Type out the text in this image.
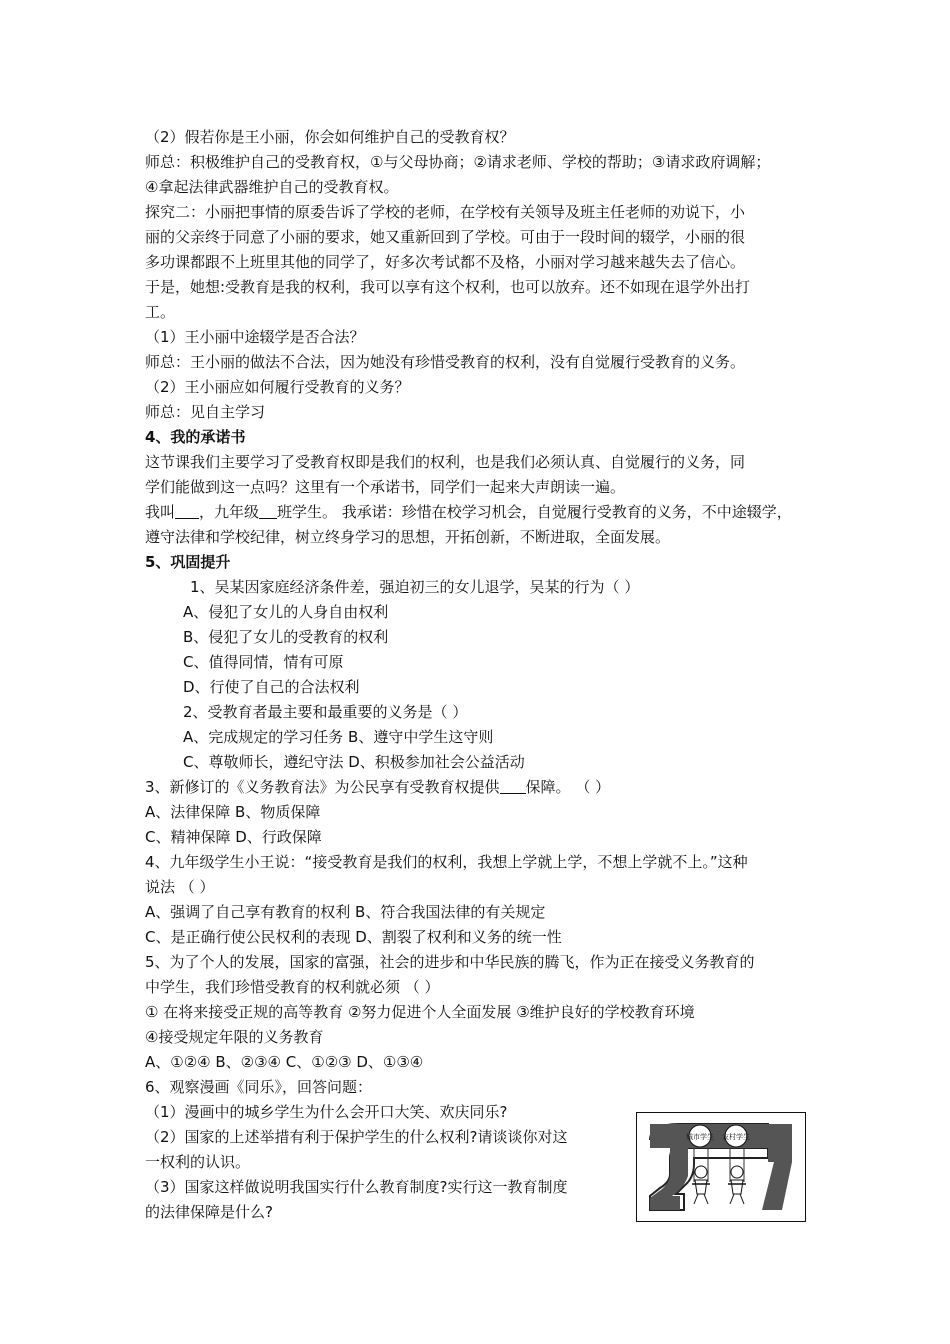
（2）假若你是王小丽，你会如何维护自己的受教育权？
师总：积极维护自己的受教育权，①与父母协商；②请求老师、学校的帮助；③请求政府调解；
④拿起法律武器维护自己的受教育权。
探究二：小丽把事情的原委告诉了学校的老师，在学校有关领导及班主任老师的劝说下，小
丽的父亲终于同意了小丽的要求，她又重新回到了学校。可由于一段时间的辍学，小丽的很
多功课都跟不上班里其他的同学了，好多次考试都不及格，小丽对学习越来越失去了信心。
于是，她想:受教育是我的权利，我可以享有这个权利，也可以放弃。还不如现在退学外出打
工。
（1）王小丽中途辍学是否合法？
师总：王小丽的做法不合法，因为她没有珍惜受教育的权利，没有自觉履行受教育的义务。
（2）王小丽应如何履行受教育的义务？
师总：见自主学习
4、我的承诺书
这节课我们主要学习了受教育权即是我们的权利，也是我们必须认真、自觉履行的义务，同
学们能做到这一点吗？这里有一个承诺书，同学们一起来大声朗读一遍。
我叫 ，九年级 班学生。 我承诺：珍惜在校学习机会，自觉履行受教育的义务，不中途辍学，
遵守法律和学校纪律，树立终身学习的思想，开拓创新，不断进取，全面发展。
5、巩固提升
1、吴某因家庭经济条件差，强迫初三的女儿退学，吴某的行为（ ）
A、侵犯了女儿的人身自由权利
B、侵犯了女儿的受教育的权利
C、值得同情，情有可原
D、行使了自己的合法权利
2、受教育者最主要和最重要的义务是（ ）
A、完成规定的学习任务 B、遵守中学生这守则
C、尊敬师长，遵纪守法 D、积极参加社会公益活动
3、新修订的《义务教育法》为公民享有受教育权提供 保障。 （ ）
A、法律保障 B、物质保障
C、精神保障 D、行政保障
4、九年级学生小王说：“接受教育是我们的权利，我想上学就上学，不想上学就不上。”这种
说法 （ ）
A、强调了自己享有教育的权利 B、符合我国法律的有关规定
C、是正确行使公民权利的表现 D、割裂了权利和义务的统一性
5、为了个人的发展，国家的富强，社会的进步和中华民族的腾飞，作为正在接受义务教育的
中学生，我们珍惜受教育的权利就必须 （ ）
① 在将来接受正规的高等教育 ②努力促进个人全面发展 ③维护良好的学校教育环境
④接受规定年限的义务教育
A、①②④ B、②③④ C、①②③ D、①③④
6、观察漫画《同乐》，回答问题：
（1）漫画中的城乡学生为什么会开口大笑、欢庆同乐?
（2）国家的上述举措有利于保护学生的什么权利?请谈谈你对这
一权利的认识。
（3）国家这样做说明我国实行什么教育制度?实行这一教育制度
的法律保障是什么?
城市学生 农村学生
